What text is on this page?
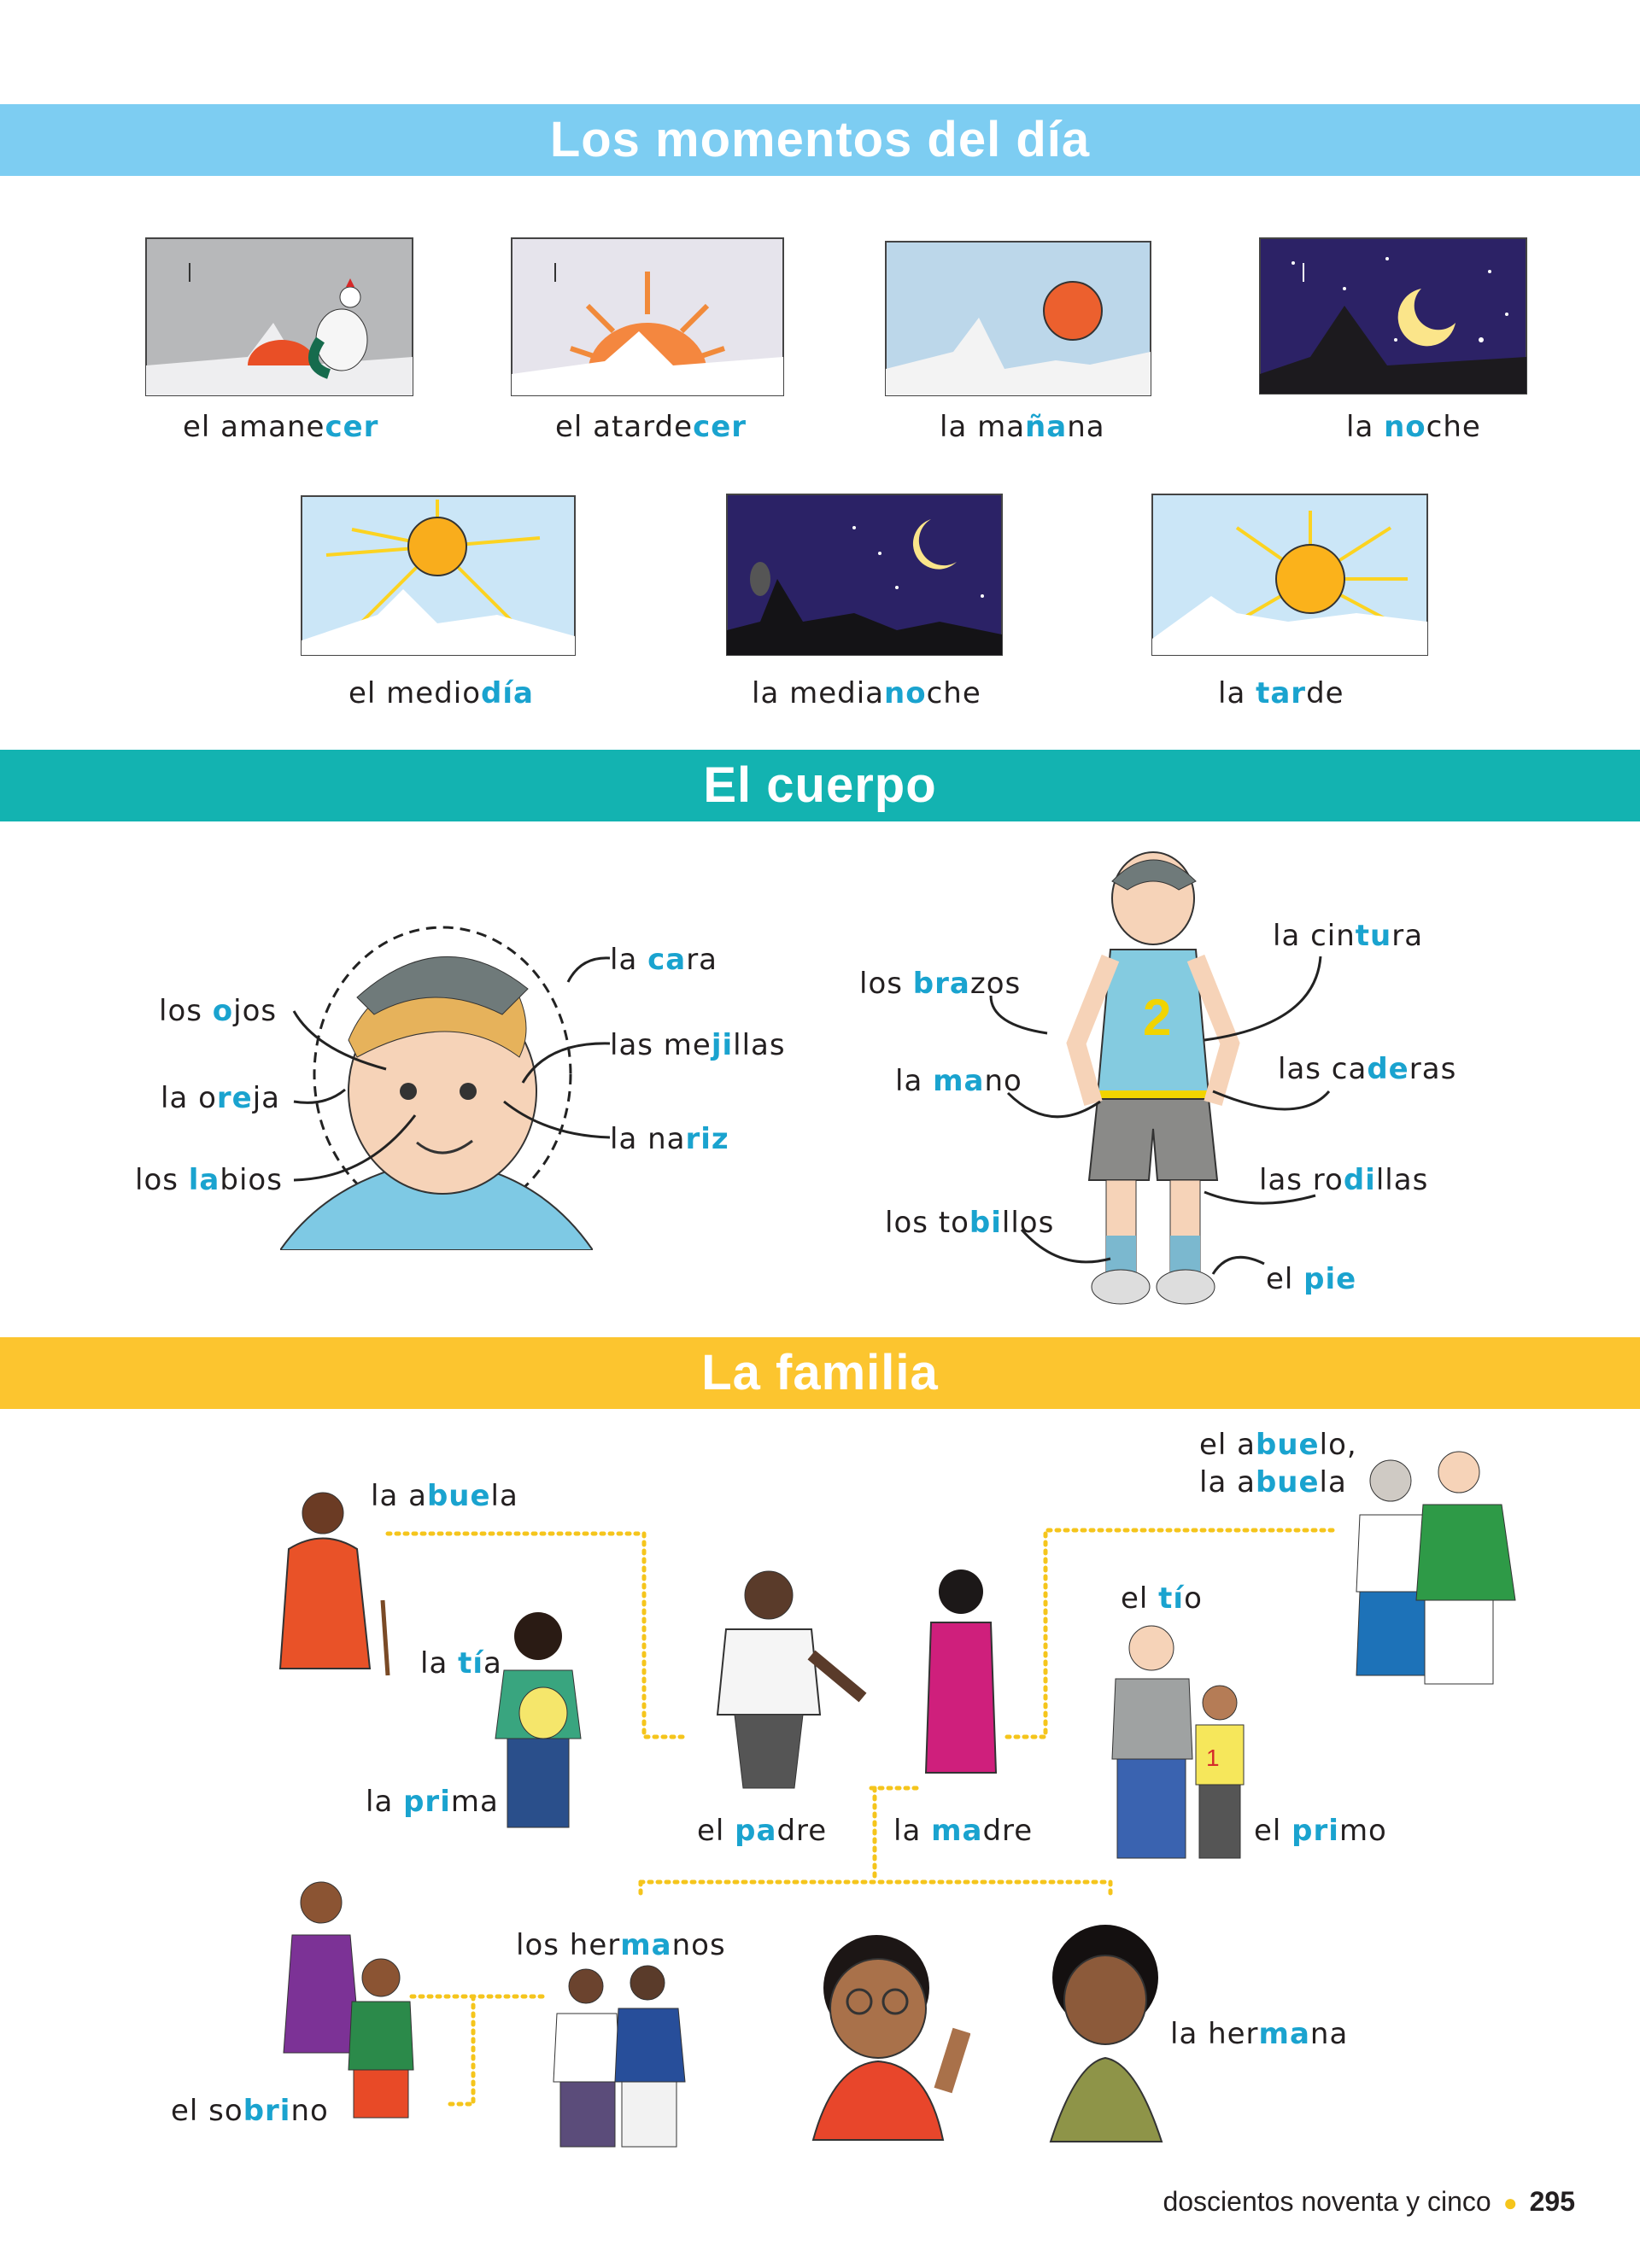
Los momentos del día
el amanecer	el atardecer	la mañana	la noche
el mediodía	la medianoche	la tarde
El cuerpo
la cara
los ojos
las mejillas
la oreja
la nariz
los labios
2
la cintura
los brazos
la mano	las caderas
las rodillas
los tobillos
el pie
La familia
1
la abuela
el abuelo,
la abuela
la tía
el tío
la prima
el padre la madre	el primo
los hermanos
la hermana
el sobrino
doscientos noventa y cinco ● 295
